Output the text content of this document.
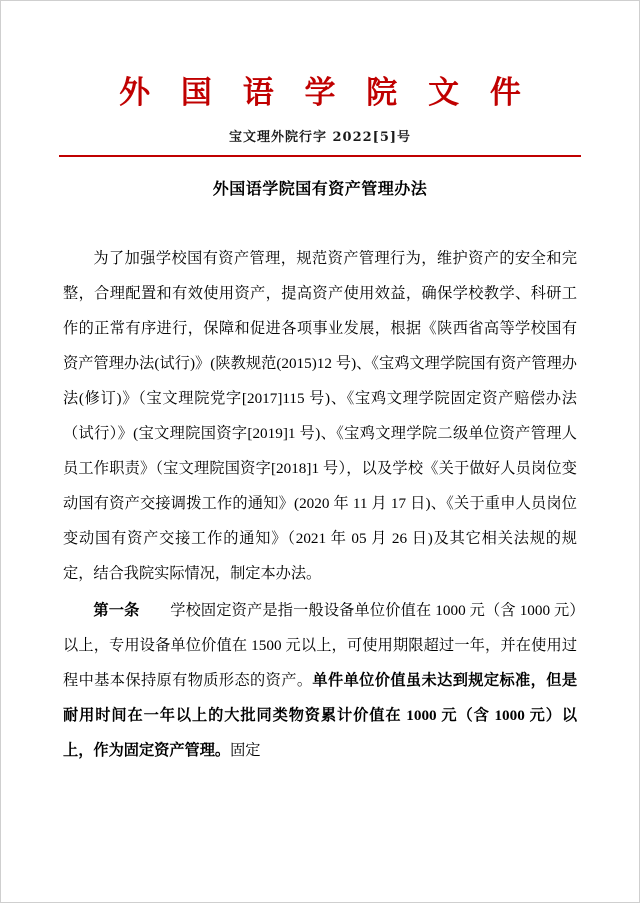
外 国 语 学 院 文 件
宝文理外院行字 2022[5]号
外国语学院国有资产管理办法

为了加强学校国有资产管理，规范资产管理行为，维护资产的安全和完整，合理配置和有效使用资产，提高资产使用效益，确保学校教学、科研工作的正常有序进行，保障和促进各项事业发展，根据《陕西省高等学校国有资产管理办法(试行)》(陕教规范(2015)12 号)、《宝鸡文理学院国有资产管理办法(修订)》（宝文理院党字[2017]115 号)、《宝鸡文理学院固定资产赔偿办法（试行）》(宝文理院国资字[2019]1 号)、《宝鸡文理学院二级单位资产管理人员工作职责》（宝文理院国资字[2018]1 号），以及学校《关于做好人员岗位变动国有资产交接调拨工作的通知》(2020 年 11 月 17 日)、《关于重申人员岗位变动国有资产交接工作的通知》（2021 年 05 月 26 日)及其它相关法规的规定，结合我院实际情况，制定本办法。

第一条　　学校固定资产是指一般设备单位价值在 1000 元（含 1000 元）以上，专用设备单位价值在 1500 元以上，可使用期限超过一年，并在使用过程中基本保持原有物质形态的资产。单件单位价值虽未达到规定标准，但是耐用时间在一年以上的大批同类物资累计价值在 1000 元（含 1000 元）以上，作为固定资产管理。固定
